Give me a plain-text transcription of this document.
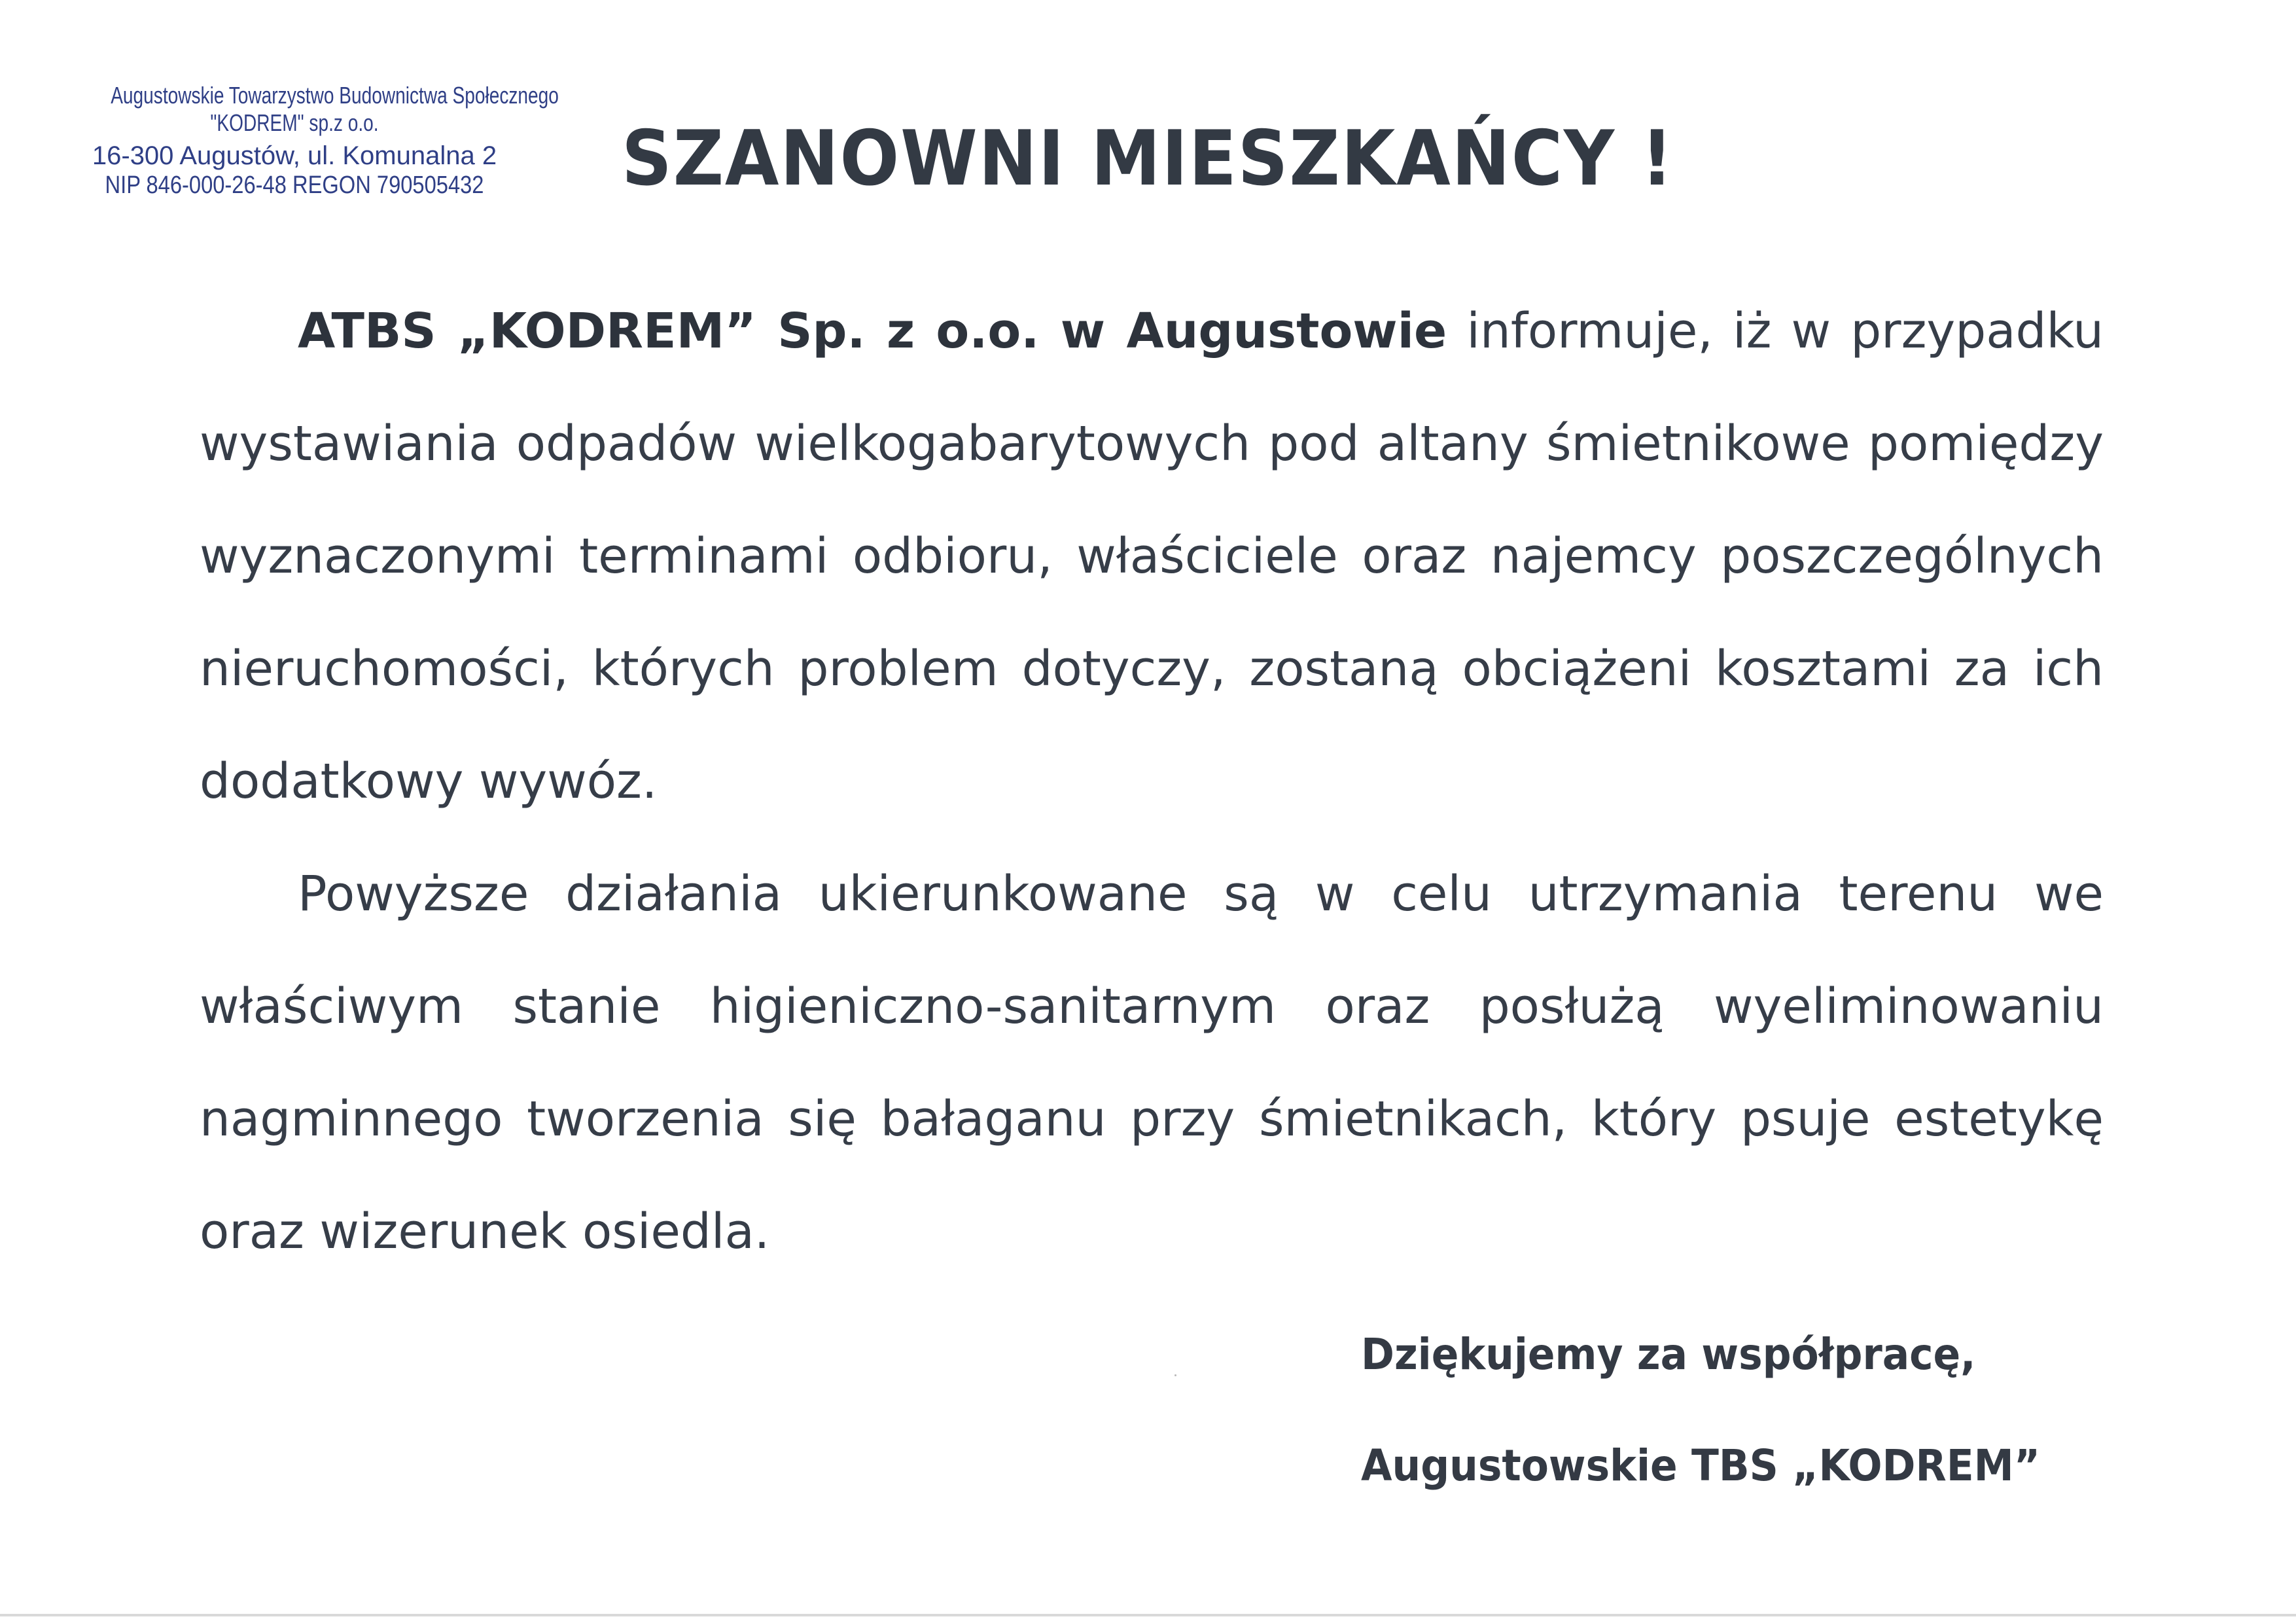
Augustowskie Towarzystwo Budownictwa Społecznego
"KODREM" sp.z o.o.
16-300 Augustów, ul. Komunalna 2
NIP 846-000-26-48 REGON 790505432 SZANOWNI MIESZKAŃCY !

ATBS „KODREM” Sp. z o.o. w Augustowie informuje, iż w przypadku wystawiania odpadów wielkogabarytowych pod altany śmietnikowe pomiędzy wyznaczonymi terminami odbioru, właściciele oraz najemcy poszczególnych nieruchomości, których problem dotyczy, zostaną obciążeni kosztami za ich dodatkowy wywóz.

Powyższe działania ukierunkowane są w celu utrzymania terenu we właściwym stanie higieniczno-sanitarnym oraz posłużą wyeliminowaniu nagminnego tworzenia się bałaganu przy śmietnikach, który psuje estetykę oraz wizerunek osiedla.

Dziękujemy za współpracę,
Augustowskie TBS „KODREM”
